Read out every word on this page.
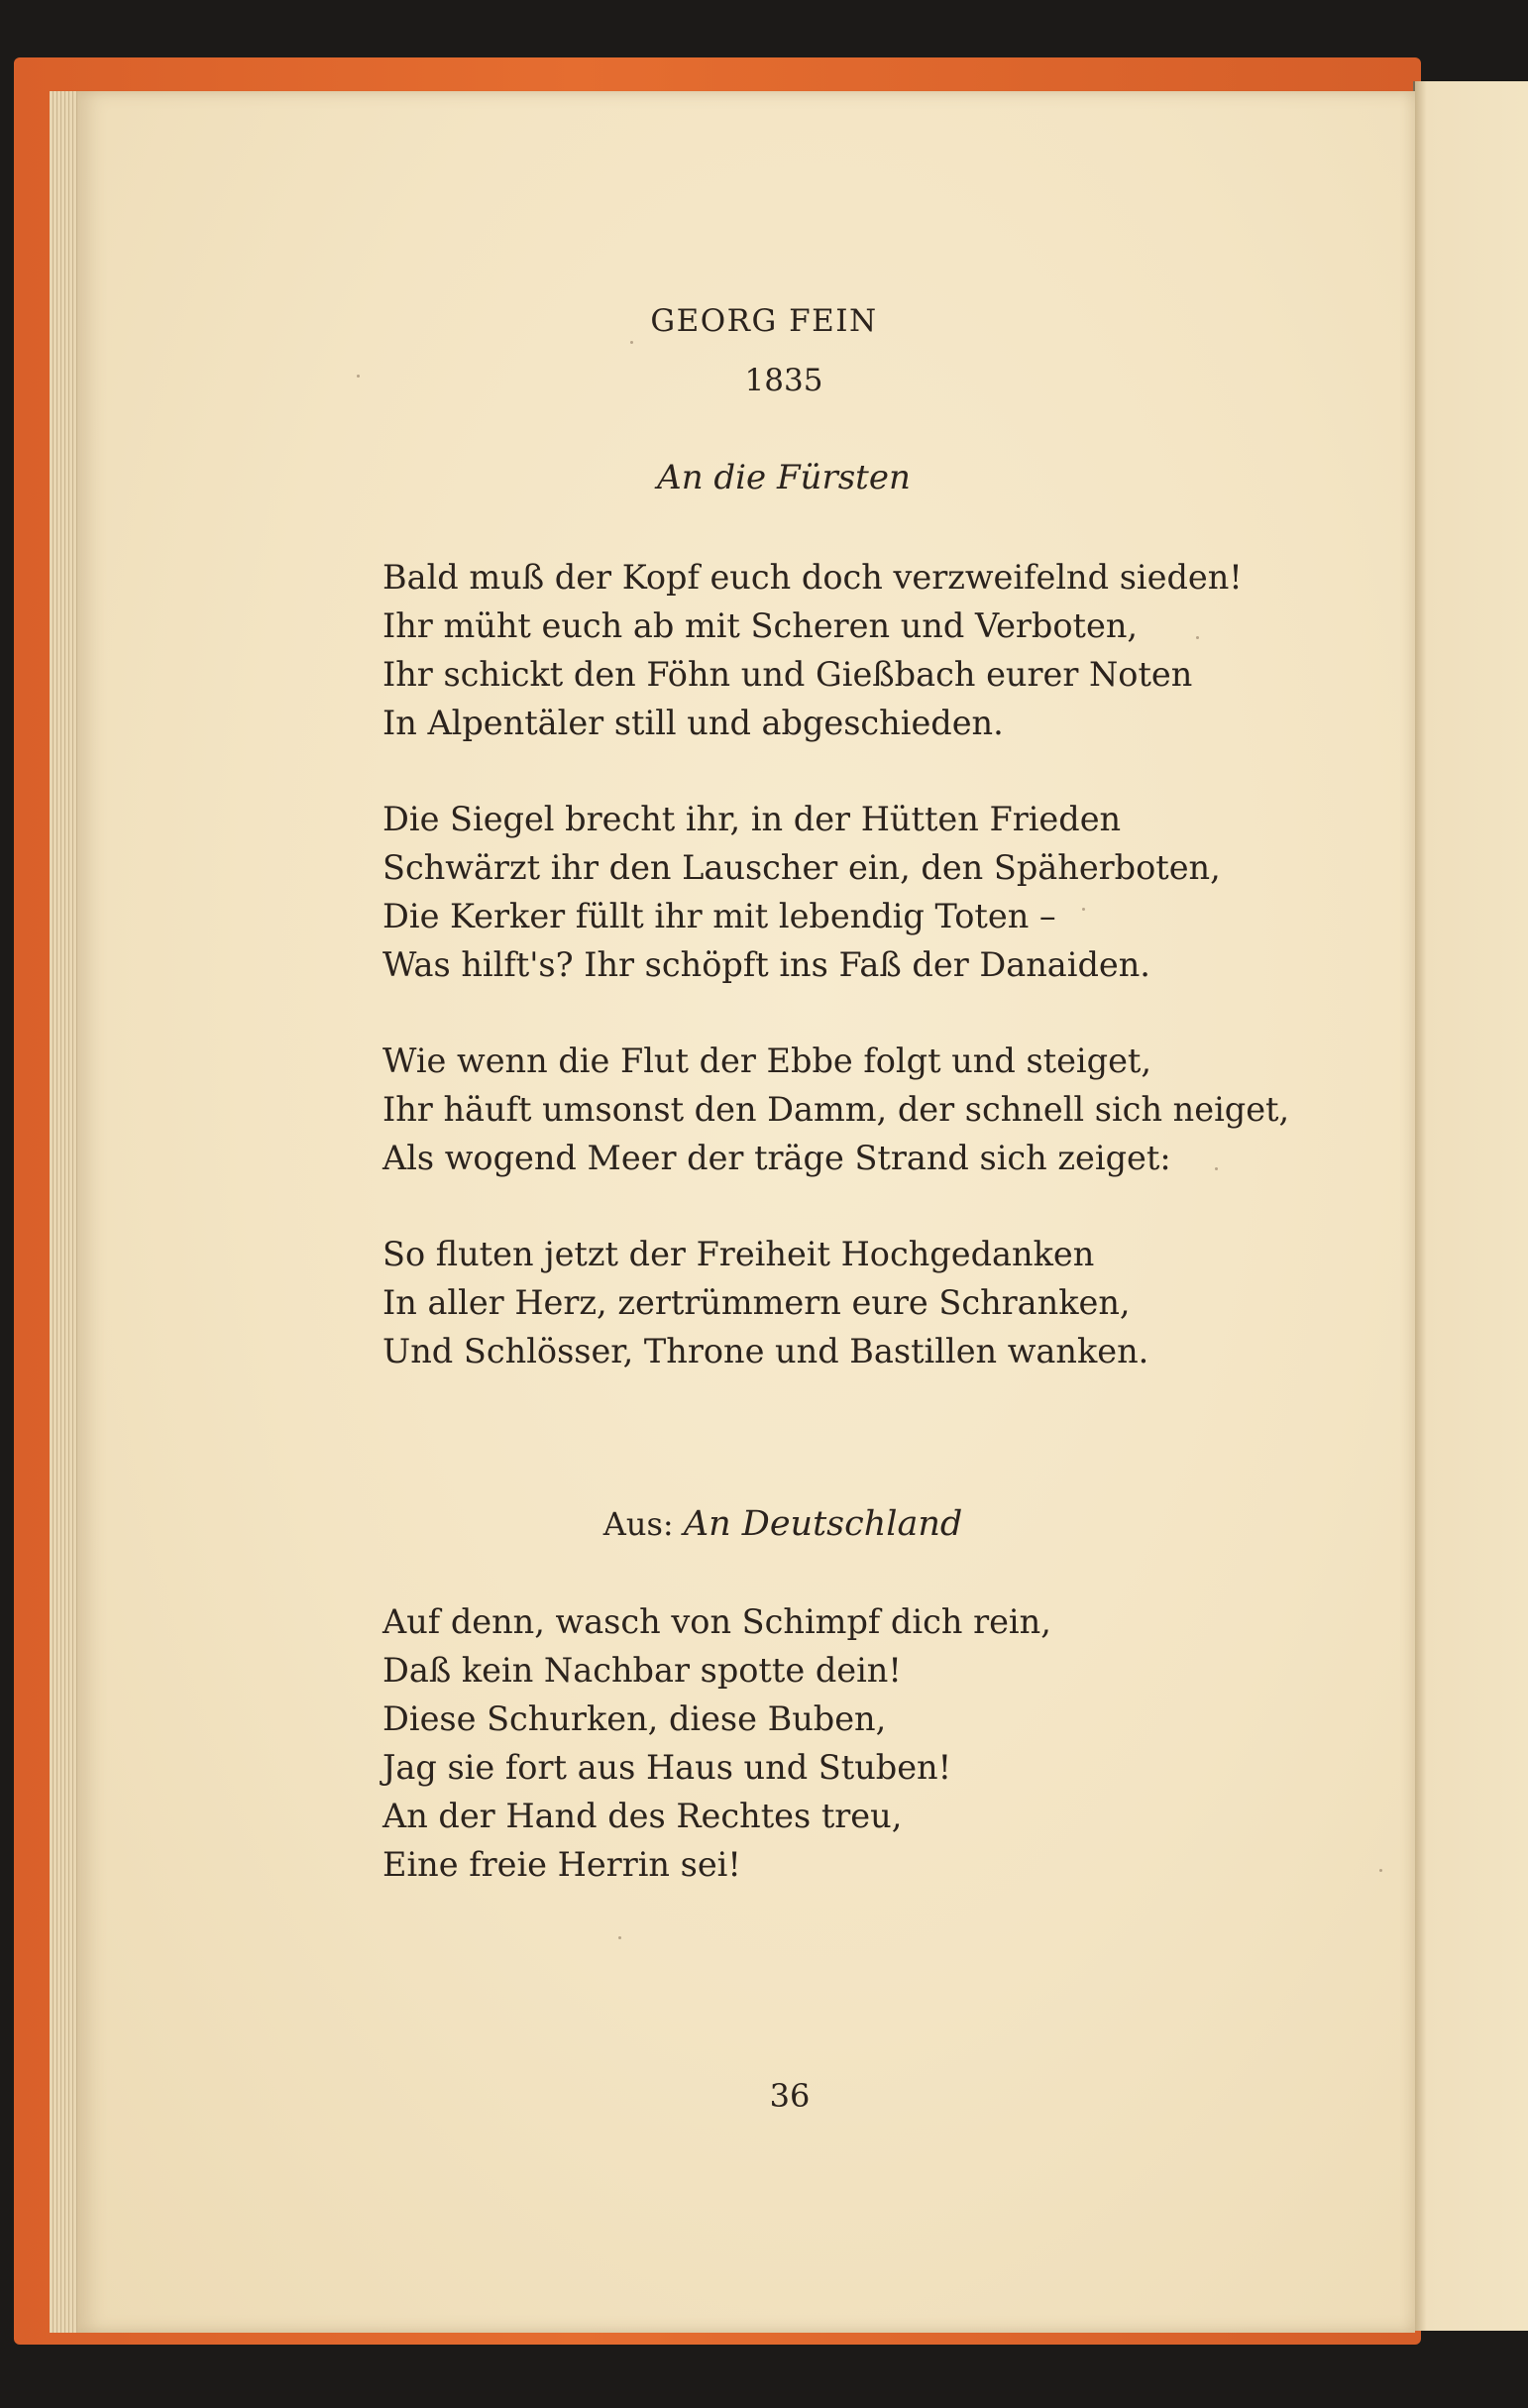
GEORG FEIN
1835
An die Fürsten
Bald muß der Kopf euch doch verzweifelnd sieden!
Ihr müht euch ab mit Scheren und Verboten,
Ihr schickt den Föhn und Gießbach eurer Noten
In Alpentäler still und abgeschieden.
Die Siegel brecht ihr, in der Hütten Frieden
Schwärzt ihr den Lauscher ein, den Späherboten,
Die Kerker füllt ihr mit lebendig Toten –
Was hilft's? Ihr schöpft ins Faß der Danaiden.
Wie wenn die Flut der Ebbe folgt und steiget,
Ihr häuft umsonst den Damm, der schnell sich neiget,
Als wogend Meer der träge Strand sich zeiget:
So fluten jetzt der Freiheit Hochgedanken
In aller Herz, zertrümmern eure Schranken,
Und Schlösser, Throne und Bastillen wanken.
Aus: An Deutschland
Auf denn, wasch von Schimpf dich rein,
Daß kein Nachbar spotte dein!
Diese Schurken, diese Buben,
Jag sie fort aus Haus und Stuben!
An der Hand des Rechtes treu,
Eine freie Herrin sei!
36
